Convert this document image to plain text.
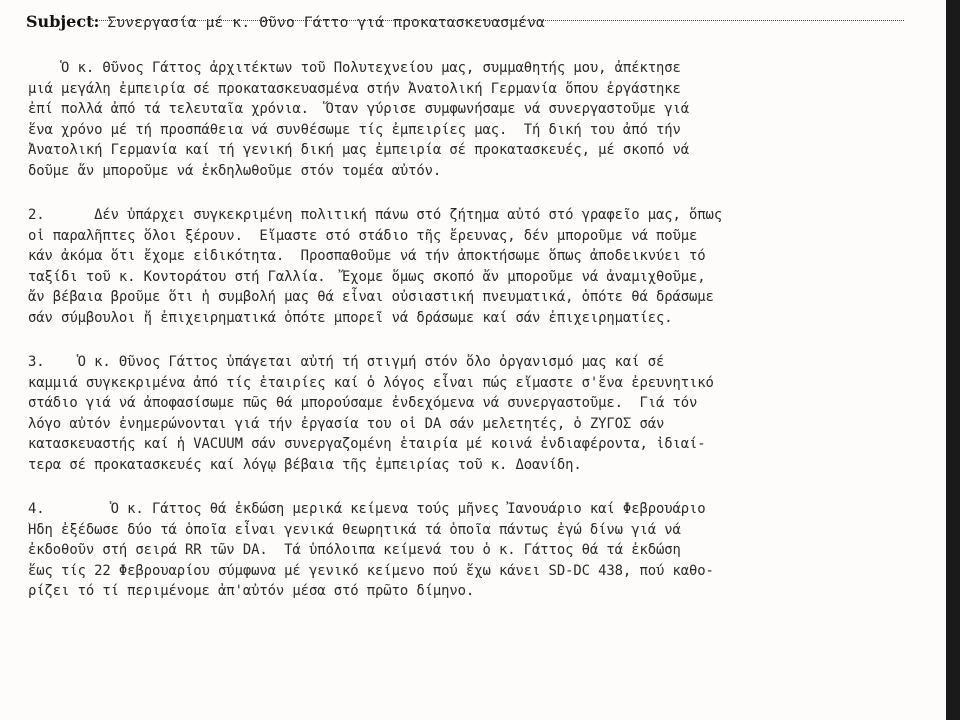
Subject: Συνεργασία μέ κ. Θῦνο Γάττο γιά προκατασκευασμένα
Ὁ κ. Θῦνος Γάττος ἀρχιτέκτων τοῦ Πολυτεχνείου μας, συμμαθητής μου, ἀπέκτησε
μιά μεγάλη ἐμπειρία σέ προκατασκευασμένα στήν Ἀνατολική Γερμανία ὅπου ἐργάστηκε
ἐπί πολλά ἀπό τά τελευταῖα χρόνια.  Ὅταν γύρισε συμφωνήσαμε νά συνεργαστοῦμε γιά
ἕνα χρόνο μέ τή προσπάθεια νά συνθέσωμε τίς ἐμπειρίες μας.  Τή δική του ἀπό τήν
Ἀνατολική Γερμανία καί τή γενική δική μας ἐμπειρία σέ προκατασκευές, μέ σκοπό νά
δοῦμε ἄν μποροῦμε νά ἐκδηλωθοῦμε στόν τομέα αὐτόν.
2.      Δέν ὑπάρχει συγκεκριμένη πολιτική πάνω στό ζήτημα αὐτό στό γραφεῖο μας, ὅπως
οἱ παραλῆπτες ὅλοι ξέρουν.  Εἴμαστε στό στάδιο τῆς ἔρευνας, δέν μποροῦμε νά ποῦμε
κάν ἀκόμα ὅτι ἔχομε εἰδικότητα.  Προσπαθοῦμε νά τήν ἀποκτήσωμε ὅπως ἀποδεικνύει τό
ταξίδι τοῦ κ. Κοντοράτου στή Γαλλία.  Ἔχομε ὅμως σκοπό ἄν μποροῦμε νά ἀναμιχθοῦμε,
ἄν βέβαια βροῦμε ὅτι ἡ συμβολή μας θά εἶναι οὐσιαστική πνευματικά, ὁπότε θά δράσωμε
σάν σύμβουλοι ἤ ἐπιχειρηματικά ὁπότε μπορεῖ νά δράσωμε καί σάν ἐπιχειρηματίες.
3.    Ὁ κ. Θῦνος Γάττος ὑπάγεται αὐτή τή στιγμή στόν ὅλο ὀργανισμό μας καί σέ
καμμιά συγκεκριμένα ἀπό τίς ἑταιρίες καί ὁ λόγος εἶναι πώς εἴμαστε σ'ἕνα ἐρευνητικό
στάδιο γιά νά ἀποφασίσωμε πῶς θά μπορούσαμε ἐνδεχόμενα νά συνεργαστοῦμε.  Γιά τόν
λόγο αὐτόν ἐνημερώνονται γιά τήν ἐργασία του οἱ DA σάν μελετητές, ὁ ΖΥΓΟΣ σάν
κατασκευαστής καί ἡ VACUUM σάν συνεργαζομένη ἑταιρία μέ κοινά ἐνδιαφέροντα, ἰδιαί-
τερα σέ προκατασκευές καί λόγῳ βέβαια τῆς ἐμπειρίας τοῦ κ. Δοανίδη.
4.        Ὁ κ. Γάττος θά ἐκδώση μερικά κείμενα τούς μῆνες Ἰανουάριο καί Φεβρουάριο
Ἤδη ἐξέδωσε δύο τά ὁποῖα εἶναι γενικά θεωρητικά τά ὁποῖα πάντως ἐγώ δίνω γιά νά
ἐκδοθοῦν στή σειρά RR τῶν DA.  Τά ὑπόλοιπα κείμενά του ὁ κ. Γάττος θά τά ἐκδώση
ἕως τίς 22 Φεβρουαρίου σύμφωνα μέ γενικό κείμενο πού ἔχω κάνει SD-DC 438, πού καθο-
ρίζει τό τί περιμένομε ἀπ'αὐτόν μέσα στό πρῶτο δίμηνο.
